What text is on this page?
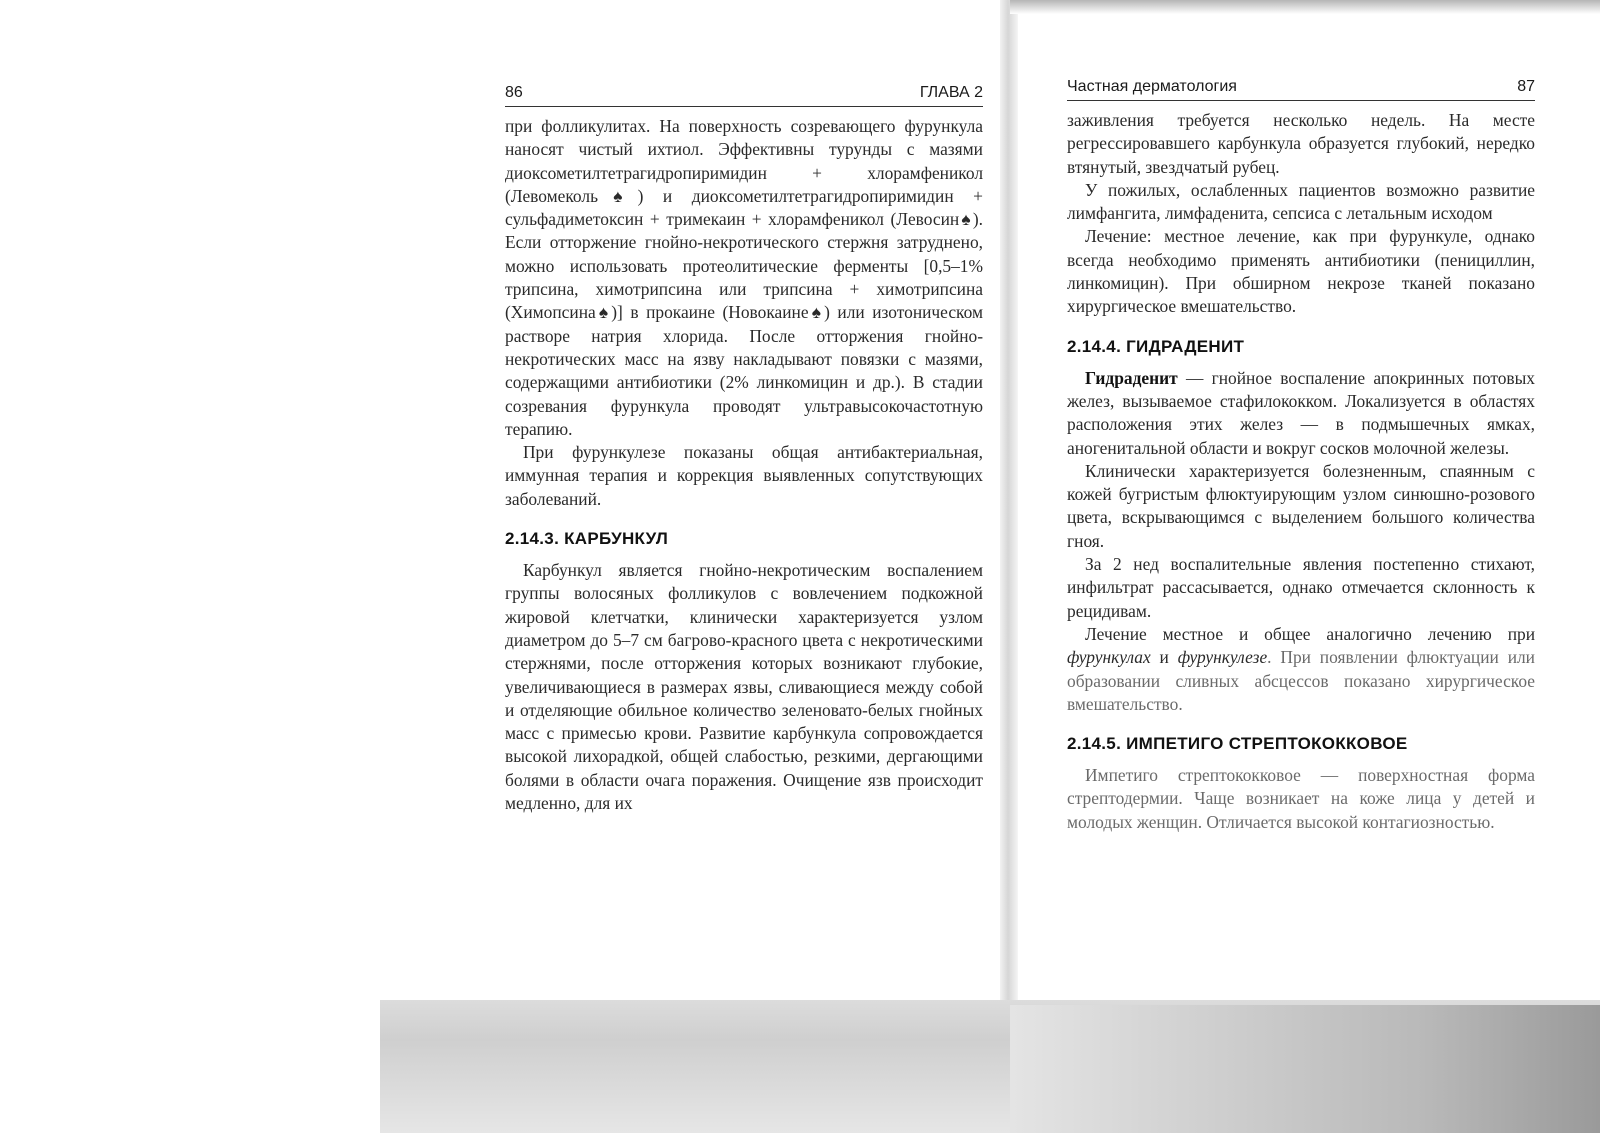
86	ГЛАВА 2

при фолликулитах. На поверхность созревающего фурункула наносят чистый ихтиол. Эффективны турунды с мазями диоксометилтетрагидропиримидин + хлорамфеникол (Левомеколь♠) и диоксометилтетрагидропиримидин + сульфадиметоксин + тримекаин + хлорамфеникол (Левосин♠). Если отторжение гнойно-некротического стержня затруднено, можно использовать протеолитические ферменты [0,5–1% трипсина, химотрипсина или трипсина + химотрипсина (Химопсина♠)] в прокаине (Новокаине♠) или изотоническом растворе натрия хлорида. После отторжения гнойно-некротических масс на язву накладывают повязки с мазями, содержащими антибиотики (2% линкомицин и др.). В стадии созревания фурункула проводят ультравысокочастотную терапию.

При фурункулезе показаны общая антибактериальная, иммунная терапия и коррекция выявленных сопутствующих заболеваний.

2.14.3. КАРБУНКУЛ

Карбункул является гнойно-некротическим воспалением группы волосяных фолликулов с вовлечением подкожной жировой клетчатки, клинически характеризуется узлом диаметром до 5–7 см багрово-красного цвета с некротическими стержнями, после отторжения которых возникают глубокие, увеличивающиеся в размерах язвы, сливающиеся между собой и отделяющие обильное количество зеленовато-белых гнойных масс с примесью крови. Развитие карбункула сопровождается высокой лихорадкой, общей слабостью, резкими, дергающими болями в области очага поражения. Очищение язв происходит медленно, для их

Частная дерматология	87

заживления требуется несколько недель. На месте регрессировавшего карбункула образуется глубокий, нередко втянутый, звездчатый рубец.

У пожилых, ослабленных пациентов возможно развитие лимфангита, лимфаденита, сепсиса с летальным исходом

Лечение: местное лечение, как при фурункуле, однако всегда необходимо применять антибиотики (пенициллин, линкомицин). При обширном некрозе тканей показано хирургическое вмешательство.

2.14.4. ГИДРАДЕНИТ

Гидраденит — гнойное воспаление апокринных потовых желез, вызываемое стафилококком. Локализуется в областях расположения этих желез — в подмышечных ямках, аногенитальной области и вокруг сосков молочной железы.

Клинически характеризуется болезненным, спаянным с кожей бугристым флюктуирующим узлом синюшно-розового цвета, вскрывающимся с выделением большого количества гноя.

За 2 нед воспалительные явления постепенно стихают, инфильтрат рассасывается, однако отмечается склонность к рецидивам.

Лечение местное и общее аналогично лечению при фурункулах и фурункулезе. При появлении флюктуации или образовании сливных абсцессов показано хирургическое вмешательство.

2.14.5. ИМПЕТИГО СТРЕПТОКОККОВОЕ

Импетиго стрептококковое — поверхностная форма стрептодермии. Чаще возникает на коже лица у детей и молодых женщин. Отличается высокой контагиозностью.
